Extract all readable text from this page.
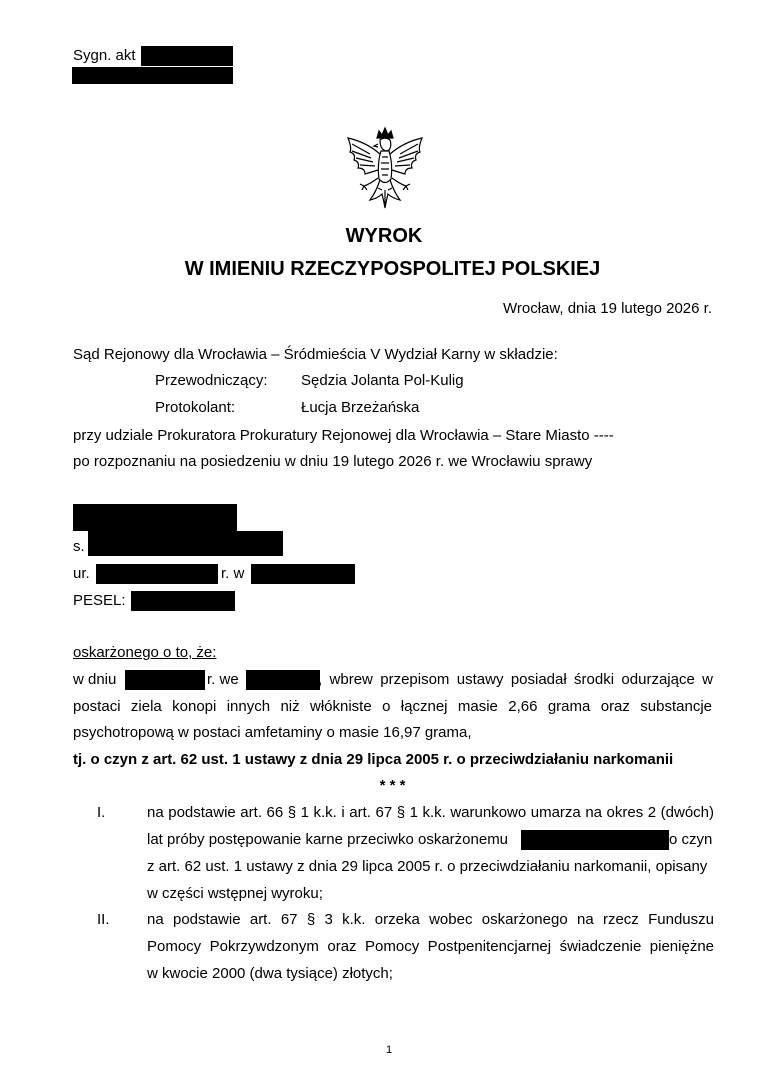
Sygn. akt
WYROK
W IMIENIU RZECZYPOSPOLITEJ POLSKIEJ
Wrocław, dnia 19 lutego 2026 r.
Sąd Rejonowy dla Wrocławia – Śródmieścia V Wydział Karny w składzie:
Przewodniczący: Sędzia Jolanta Pol-Kulig
Protokolant:	Łucja Brzeżańska
przy udziale Prokuratora Prokuratury Rejonowej dla Wrocławia – Stare Miasto ----
po rozpoznaniu na posiedzeniu w dniu 19 lutego 2026 r. we Wrocławiu sprawy
s.
ur.	r. w
PESEL:
oskarżonego o to, że:
w dniu	r. we	, wbrew przepisom ustawy posiadał środki odurzające w
postaci ziela konopi innych niż włókniste o łącznej masie 2,66 grama oraz substancje
psychotropową w postaci amfetaminy o masie 16,97 grama,
tj. o czyn z art. 62 ust. 1 ustawy z dnia 29 lipca 2005 r. o przeciwdziałaniu narkomanii
* * *
I.	na podstawie art. 66 § 1 k.k. i art. 67 § 1 k.k. warunkowo umarza na okres 2 (dwóch)
lat próby postępowanie karne przeciwko oskarżonemu	o czyn
z art. 62 ust. 1 ustawy z dnia 29 lipca 2005 r. o przeciwdziałaniu narkomanii, opisany
w części wstępnej wyroku;
II. na podstawie art. 67 § 3 k.k. orzeka wobec oskarżonego na rzecz Funduszu
Pomocy Pokrzywdzonym oraz Pomocy Postpenitencjarnej świadczenie pieniężne
w kwocie 2000 (dwa tysiące) złotych;
1
